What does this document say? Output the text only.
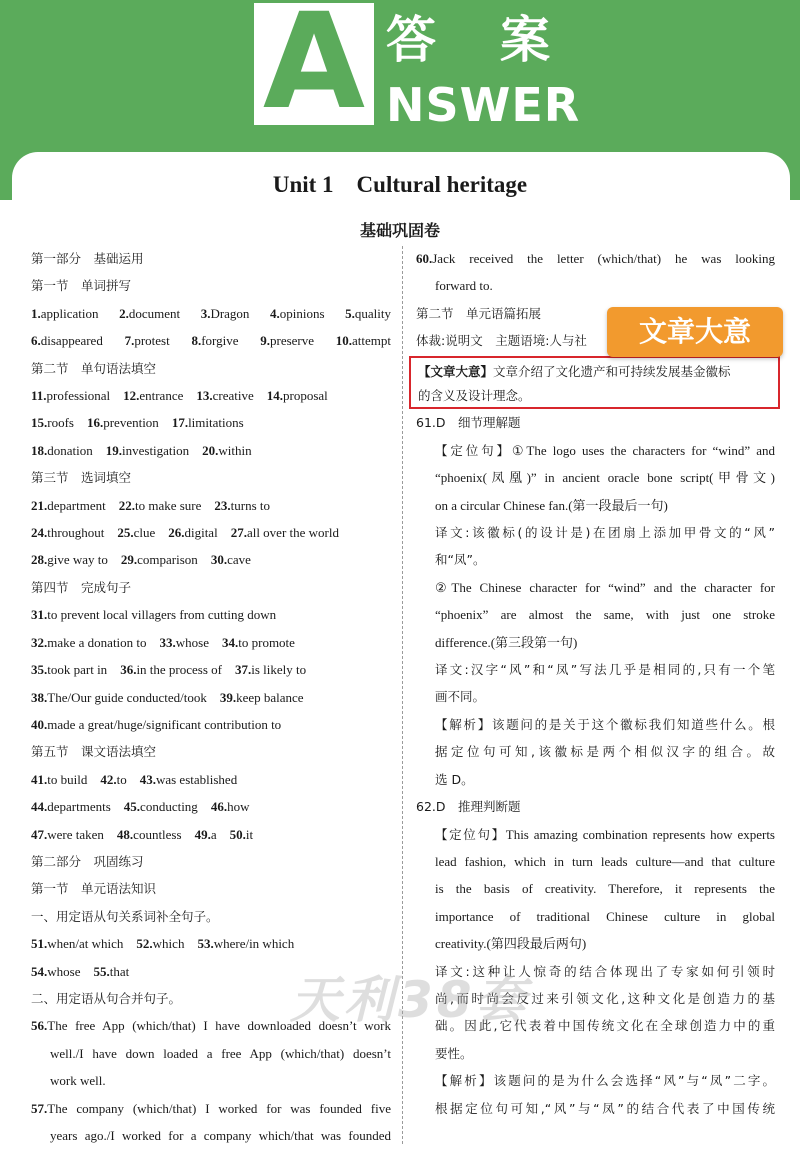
A 答案
NSWER
Unit 1　Cultural heritage
基础巩固卷
第一部分　基础运用
第一节　单词拼写
1.application 2.document 3.Dragon 4.opinions 5.quality
6.disappeared 7.protest 8.forgive 9.preserve 10.attempt
第二节　单句语法填空
11.professional  12.entrance  13.creative  14.proposal
15.roofs  16.prevention  17.limitations
18.donation  19.investigation  20.within
第三节　选词填空
21.department  22.to make sure  23.turns to
24.throughout  25.clue  26.digital  27.all over the world
28.give way to  29.comparison  30.cave
第四节　完成句子
31.to prevent local villagers from cutting down
32.make a donation to  33.whose  34.to promote
35.took part in  36.in the process of  37.is likely to
38.The/Our guide conducted/took  39.keep balance
40.made a great/huge/significant contribution to
第五节　课文语法填空
41.to build  42.to  43.was established
44.departments  45.conducting  46.how
47.were taken  48.countless  49.a  50.it
第二部分　巩固练习
第一节　单元语法知识
一、用定语从句关系词补全句子。
51.when/at which  52.which  53.where/in which
54.whose  55.that
二、用定语从句合并句子。
56.The free App (which/that) I have downloaded doesn’t work
well./I have down loaded a free App (which/that) doesn’t
work well.
57.The company (which/that) I worked for was founded five
years ago./I worked for a company which/that was founded
60.Jack received the letter (which/that) he was looking
forward to.
第二节　单元语篇拓展
体裁:说明文　主题语境:人与社
61.D　细节理解题
【定位句】①The logo uses the characters for “wind” and
“phoenix(凤凰)” in ancient oracle bone script(甲骨文)
on a circular Chinese fan.(第一段最后一句)
译文:该徽标(的设计是)在团扇上添加甲骨文的“风”
和“凤”。
②The Chinese character for “wind” and the character for
“phoenix” are almost the same, with just one stroke
difference.(第三段第一句)
译文:汉字“风”和“凤”写法几乎是相同的,只有一个笔
画不同。
【解析】该题问的是关于这个徽标我们知道些什么。根
据定位句可知,该徽标是两个相似汉字的组合。故
选 D。
62.D　推理判断题
【定位句】This amazing combination represents how experts
lead fashion, which in turn leads culture—and that culture
is the basis of creativity. Therefore, it represents the
importance of traditional Chinese culture in global
creativity.(第四段最后两句)
译文:这种让人惊奇的结合体现出了专家如何引领时
尚,而时尚会反过来引领文化,这种文化是创造力的基
础。因此,它代表着中国传统文化在全球创造力中的重
要性。
【解析】该题问的是为什么会选择“风”与“凤”二字。
根据定位句可知,“风”与“凤”的结合代表了中国传统
【文章大意】文章介绍了文化遗产和可持续发展基金徽标
的含义及设计理念。
文章大意
天利38套
